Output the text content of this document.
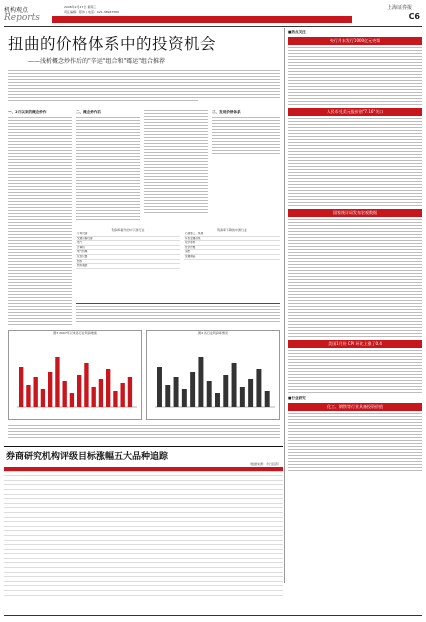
机构观点
Reports
2008年2月27日 星期三
责任编辑：陈伟 | 电话：021-38967580
上海证券报
C6
扭曲的价格体系中的投资机会
——浅析概念炒作后的"辛运"组合和"霉运"组合推荐
一、2月以来的概念炒作	二、概念炒作后	三、发现价格体系
利润率提升的中下游行业
专用设备	
交通运输设备	
电气	
计算机	
电气机械	
仪表仪器	
纺织	
纺织服装	
利润率下降的中游行业
石油加工、炼焦	
有色金属冶炼	
化学原料	
化学纤维	
造纸	
金属制品	
图3 2007年以来各行业利润增速	图4 各行业利润率情况
■热点关注
央行月末发行1000亿元央票
人民币兑美元报价创"7.16"关口
国家统计局发布宏观数据
美国1月份 CPI 环比上涨了0.4
■行业研究
化工、钢铁等行业具备投资价值
券商研究机构评级目标涨幅五大品种追踪
（数据来源：今日投资）
